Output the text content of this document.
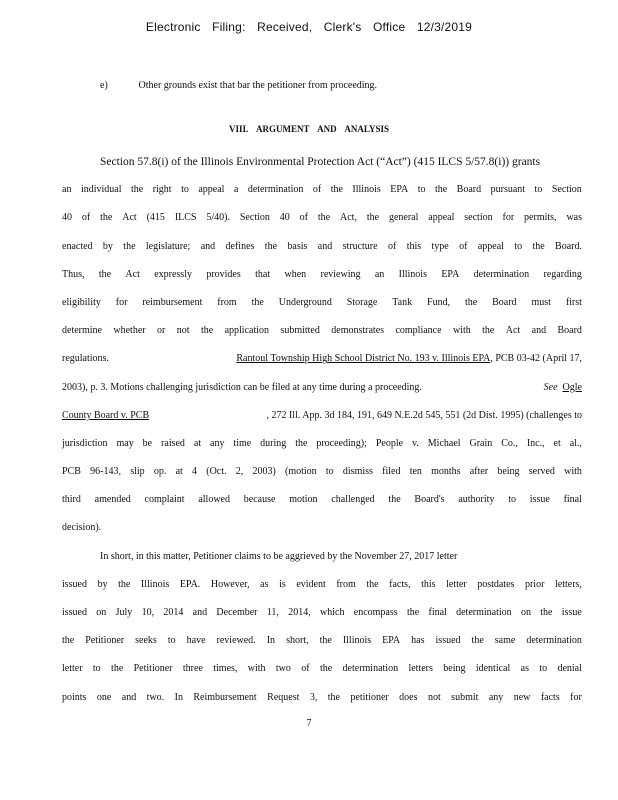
Electronic Filing: Received, Clerk's Office 12/3/2019
e)	Other grounds exist that bar the petitioner from proceeding.
VIII. ARGUMENT AND ANALYSIS
Section 57.8(i) of the Illinois Environmental Protection Act (“Act”) (415 ILCS 5/57.8(i)) grants
an individual the right to appeal a determination of the Illinois EPA to the Board pursuant to Section
40 of the Act (415 ILCS 5/40). Section 40 of the Act, the general appeal section for permits, was
enacted by the legislature; and defines the basis and structure of this type of appeal to the Board.
Thus, the Act expressly provides that when reviewing an Illinois EPA determination regarding
eligibility for reimbursement from the Underground Storage Tank Fund, the Board must first
determine whether or not the application submitted demonstrates compliance with the Act and Board
regulations.	Rantoul Township High School District No. 193 v. Illinois EPA, PCB 03-42 (April 17,
2003), p. 3. Motions challenging jurisdiction can be filed at any time during a proceeding.	See Ogle
County Board v. PCB	, 272 Ill. App. 3d 184, 191, 649 N.E.2d 545, 551 (2d Dist. 1995) (challenges to
jurisdiction may be raised at any time during the proceeding); People v. Michael Grain Co., Inc., et al.,
PCB 96-143, slip op. at 4 (Oct. 2, 2003) (motion to dismiss filed ten months after being served with
third amended complaint allowed because motion challenged the Board's authority to issue final
decision).
In short, in this matter, Petitioner claims to be aggrieved by the November 27, 2017 letter
issued by the Illinois EPA. However, as is evident from the facts, this letter postdates prior letters,
issued on July 10, 2014 and December 11, 2014, which encompass the final determination on the issue
the Petitioner seeks to have reviewed. In short, the Illinois EPA has issued the same determination
letter to the Petitioner three times, with two of the determination letters being identical as to denial
points one and two. In Reimbursement Request 3, the petitioner does not submit any new facts for
7
